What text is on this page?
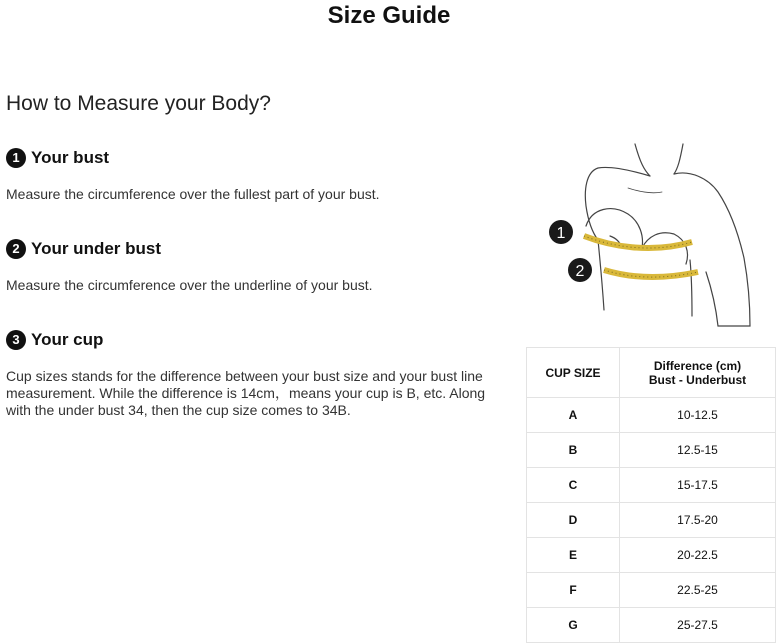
Size Guide
How to Measure your Body?
1 Your bust
Measure the circumference over the fullest part of your bust.
2 Your under bust
Measure the circumference over the underline of your bust.
3 Your cup
Cup sizes stands for the difference between your bust size and your bust line measurement. While the difference is 14cm，means your cup is B, etc. Along with the under bust 34, then the cup size comes to 34B.
1
2
CUP SIZE	Difference (cm)
Bust - Underbust

A	10-12.5
B	12.5-15
C	15-17.5
D	17.5-20
E	20-22.5
F	22.5-25
G	25-27.5
